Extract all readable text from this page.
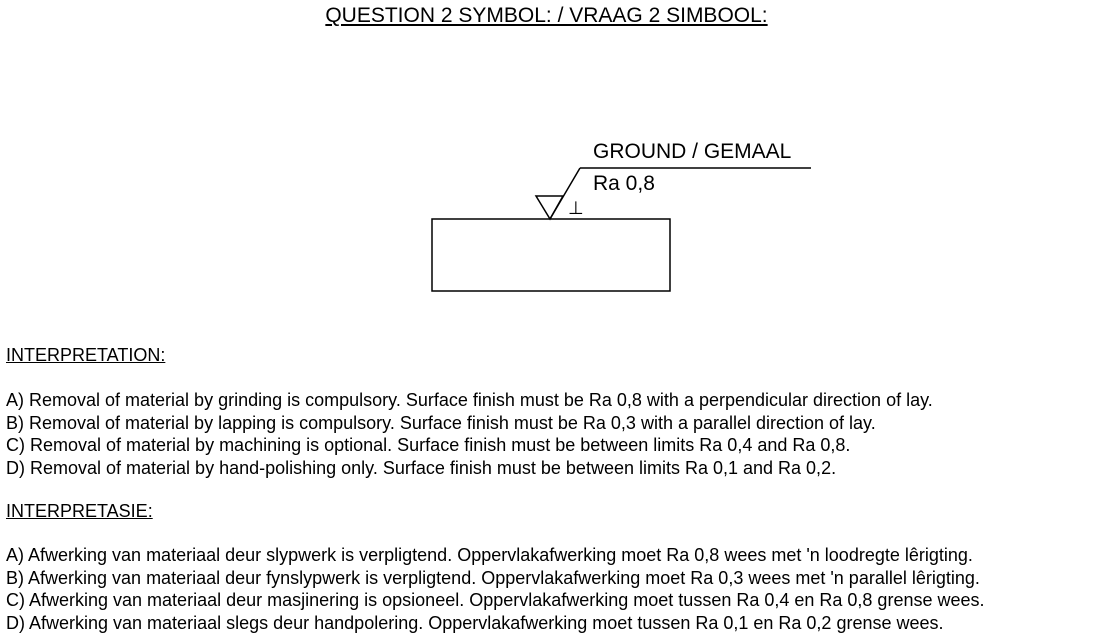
QUESTION 2 SYMBOL: / VRAAG 2 SIMBOOL:
GROUND / GEMAAL
Ra 0,8
⊥
INTERPRETATION:
A) Removal of material by grinding is compulsory. Surface finish must be Ra 0,8 with a perpendicular direction of lay.
B) Removal of material by lapping is compulsory. Surface finish must be Ra 0,3 with a parallel direction of lay.
C) Removal of material by machining is optional. Surface finish must be between limits Ra 0,4 and Ra 0,8.
D) Removal of material by hand-polishing only. Surface finish must be between limits Ra 0,1 and Ra 0,2.
INTERPRETASIE:
A) Afwerking van materiaal deur slypwerk is verpligtend. Oppervlakafwerking moet Ra 0,8 wees met 'n loodregte lêrigting.
B) Afwerking van materiaal deur fynslypwerk is verpligtend. Oppervlakafwerking moet Ra 0,3 wees met 'n parallel lêrigting.
C) Afwerking van materiaal deur masjinering is opsioneel. Oppervlakafwerking moet tussen Ra 0,4 en Ra 0,8 grense wees.
D) Afwerking van materiaal slegs deur handpolering. Oppervlakafwerking moet tussen Ra 0,1 en Ra 0,2 grense wees.
